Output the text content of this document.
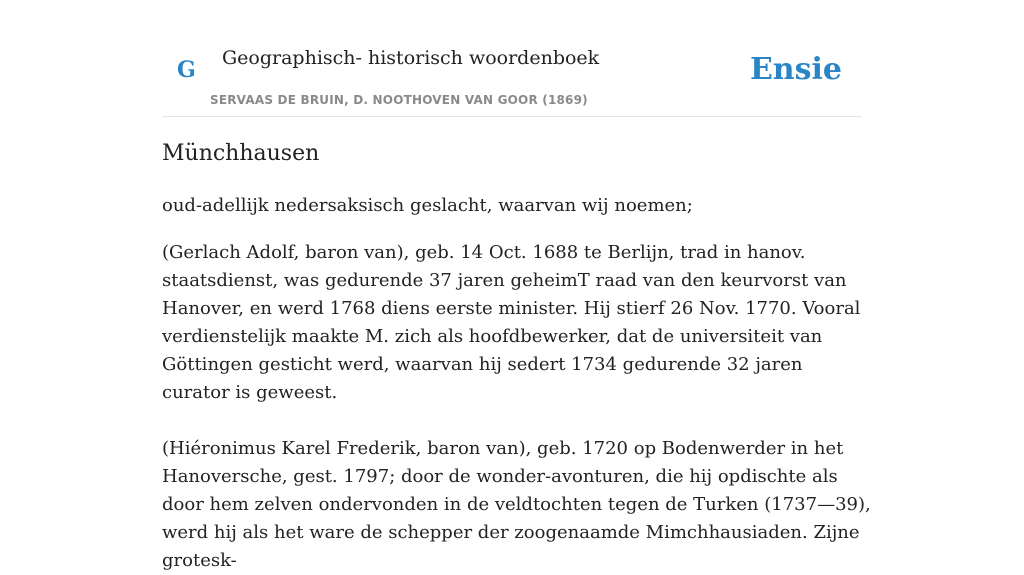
G Geographisch- historisch woordenboek
SERVAAS DE BRUIN, D. NOOTHOVEN VAN GOOR (1869)
Ensie
Münchhausen

oud-adellijk nedersaksisch geslacht, waarvan wij noemen;

(Gerlach Adolf, baron van), geb. 14 Oct. 1688 te Berlijn, trad in hanov. staatsdienst, was gedurende 37 jaren geheimT raad van den keurvorst van Hanover, en werd 1768 diens eerste minister. Hij stierf 26 Nov. 1770. Vooral verdienstelijk maakte M. zich als hoofdbewerker, dat de universiteit van Göttingen gesticht werd, waarvan hij sedert 1734 gedurende 32 jaren curator is geweest.

(Hiéronimus Karel Frederik, baron van), geb. 1720 op Bodenwerder in het Hanoversche, gest. 1797; door de wonder-avonturen, die hij opdischte als door hem zelven ondervonden in de veldtochten tegen de Turken (1737—39), werd hij als het ware de schepper der zoogenaamde Mimchhausiaden. Zijne grotesk-
